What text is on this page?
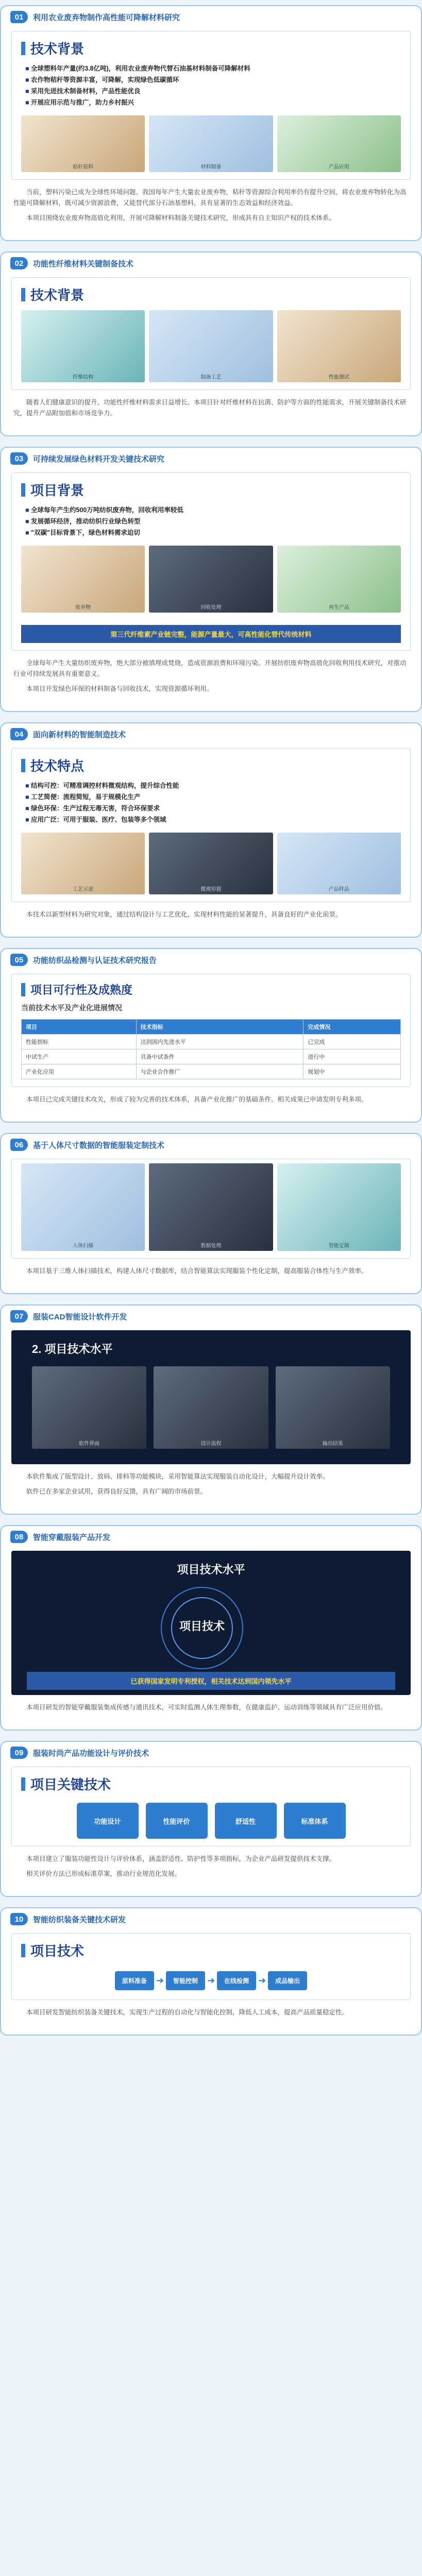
01	利用农业废弃物制作高性能可降解材料研究
技术背景
■ 全球塑料年产量(约3.8亿吨)，利用农业废弃物代替石油基材料制备可降解材料
■ 农作物秸秆等资源丰富，可降解，实现绿色低碳循环
■ 采用先进技术制备材料，产品性能优良
■ 开展应用示范与推广，助力乡村振兴
秸秆原料	材料制备	产品应用

当前，塑料污染已成为全球性环境问题。我国每年产生大量农业废弃物，秸秆等资源综合利用率仍有提升空间。将农业废弃物转化为高性能可降解材料，既可减少资源浪费，又能替代部分石油基塑料，具有显著的生态效益和经济效益。

本项目围绕农业废弃物高值化利用，开展可降解材料制备关键技术研究，形成具有自主知识产权的技术体系。

02	功能性纤维材料关键制备技术
技术背景
纤维结构	制备工艺	性能测试

随着人们健康意识的提升，功能性纤维材料需求日益增长。本项目针对纤维材料在抗菌、防护等方面的性能需求，开展关键制备技术研究，提升产品附加值和市场竞争力。

03	可持续发展绿色材料开发关键技术研究
项目背景
■ 全球每年产生约500万吨纺织废弃物，回收利用率较低
■ 发展循环经济，推动纺织行业绿色转型
■ "双碳"目标背景下，绿色材料需求迫切
废弃物	回收处理	再生产品
第三代纤维素产业链完整，能源产量最大，可高性能化替代传统材料

全球每年产生大量纺织废弃物，绝大部分被填埋或焚烧，造成资源浪费和环境污染。开展纺织废弃物高值化回收利用技术研究，对推动行业可持续发展具有重要意义。

本项目开发绿色环保的材料制备与回收技术，实现资源循环利用。

04	面向新材料的智能制造技术
技术特点
■ 结构可控：可精准调控材料微观结构，提升综合性能
■ 工艺简便：流程简短，易于规模化生产
■ 绿色环保：生产过程无毒无害，符合环保要求
■ 应用广泛：可用于服装、医疗、包装等多个领域
工艺示意	微观形貌	产品样品

本技术以新型材料为研究对象，通过结构设计与工艺优化，实现材料性能的显著提升，具备良好的产业化前景。

05	功能纺织品检测与认证技术研究报告
项目可行性及成熟度
当前技术水平及产业化进展情况
项目	技术指标	完成情况
性能指标	达到国内先进水平	已完成
中试生产	具备中试条件	进行中
产业化应用	与企业合作推广	规划中

本项目已完成关键技术攻关，形成了较为完善的技术体系，具备产业化推广的基础条件。相关成果已申请发明专利多项。

06	基于人体尺寸数据的智能服装定制技术
人体扫描	数据处理	智能定制

本项目基于三维人体扫描技术，构建人体尺寸数据库，结合智能算法实现服装个性化定制，提高服装合体性与生产效率。

07	服装CAD智能设计软件开发
2. 项目技术水平
软件界面	设计流程	输出结果

本软件集成了版型设计、放码、排料等功能模块，采用智能算法实现服装自动化设计，大幅提升设计效率。

软件已在多家企业试用，获得良好反馈，具有广阔的市场前景。

08	智能穿戴服装产品开发
项目技术水平
项目技术
已获得国家发明专利授权，相关技术达到国内领先水平

本项目研发的智能穿戴服装集成传感与通讯技术，可实时监测人体生理参数，在健康监护、运动训练等领域具有广泛应用价值。

09	服装时尚产品功能设计与评价技术
项目关键技术
功能设计	性能评价	舒适性	标准体系

本项目建立了服装功能性设计与评价体系，涵盖舒适性、防护性等多项指标，为企业产品研发提供技术支撑。

相关评价方法已形成标准草案，推动行业规范化发展。

10	智能纺织装备关键技术研发
项目技术
原料准备	➜	智能控制	➜	在线检测	➜	成品输出

本项目研发智能纺织装备关键技术，实现生产过程的自动化与智能化控制，降低人工成本，提高产品质量稳定性。
